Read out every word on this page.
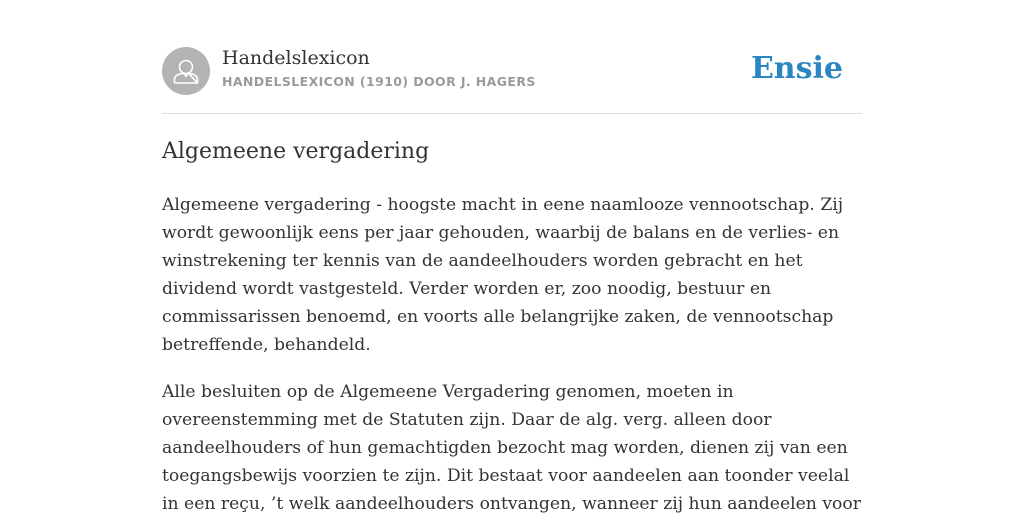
Handelslexicon
HANDELSLEXICON (1910) DOOR J. HAGERS	Ensie
Algemeene vergadering

Algemeene vergadering - hoogste macht in eene naamlooze vennootschap. Zij wordt gewoonlijk eens per jaar gehouden, waarbij de balans en de verlies- en winstrekening ter kennis van de aandeelhouders worden gebracht en het dividend wordt vastgesteld. Verder worden er, zoo noodig, bestuur en commissarissen benoemd, en voorts alle belangrijke zaken, de vennootschap betreffende, behandeld.

Alle besluiten op de Algemeene Vergadering genomen, moeten in overeenstemming met de Statuten zijn. Daar de alg. verg. alleen door aandeelhouders of hun gemachtigden bezocht mag worden, dienen zij van een toegangsbewijs voorzien te zijn. Dit bestaat voor aandeelen aan toonder veelal in een reçu, ’t welk aandeelhouders ontvangen, wanneer zij hun aandeelen voor
